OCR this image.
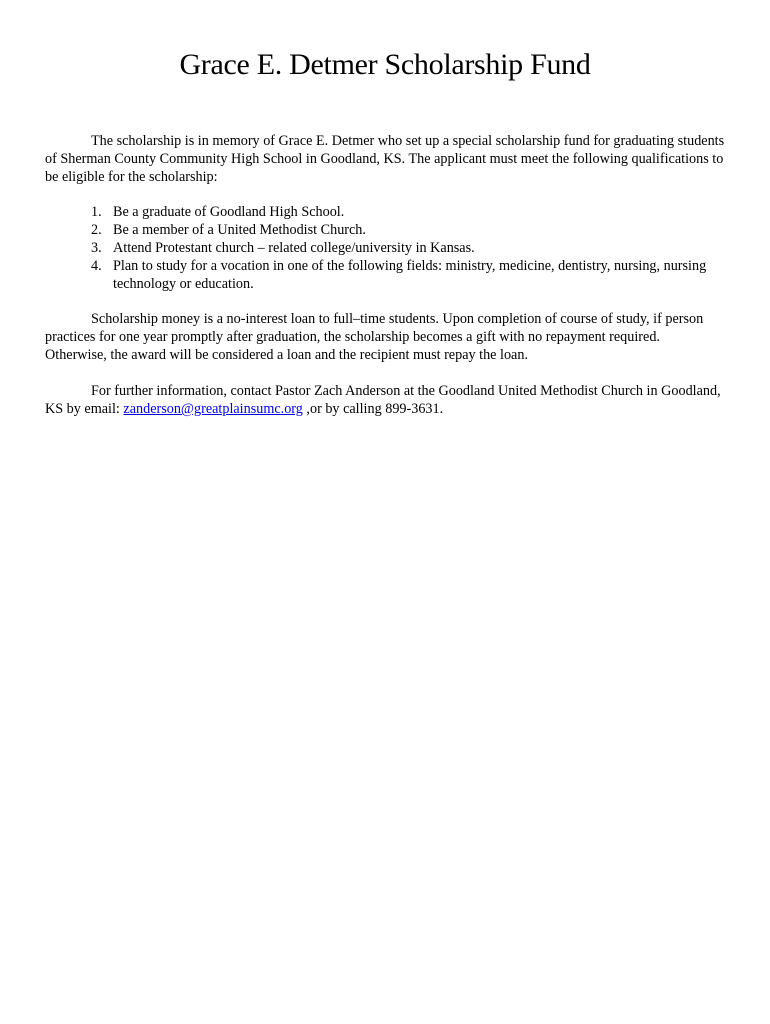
Grace E. Detmer Scholarship Fund

The scholarship is in memory of Grace E. Detmer who set up a special scholarship fund for graduating students of Sherman County Community High School in Goodland, KS. The applicant must meet the following qualifications to be eligible for the scholarship:

1. Be a graduate of Goodland High School.
2. Be a member of a United Methodist Church.
3. Attend Protestant church – related college/university in Kansas.
4. Plan to study for a vocation in one of the following fields: ministry, medicine, dentistry, nursing, nursing technology or education.

Scholarship money is a no-interest loan to full–time students. Upon completion of course of study, if person practices for one year promptly after graduation, the scholarship becomes a gift with no repayment required. Otherwise, the award will be considered a loan and the recipient must repay the loan.

For further information, contact Pastor Zach Anderson at the Goodland United Methodist Church in Goodland, KS by email: zanderson@greatplainsumc.org ,or by calling 899-3631.
